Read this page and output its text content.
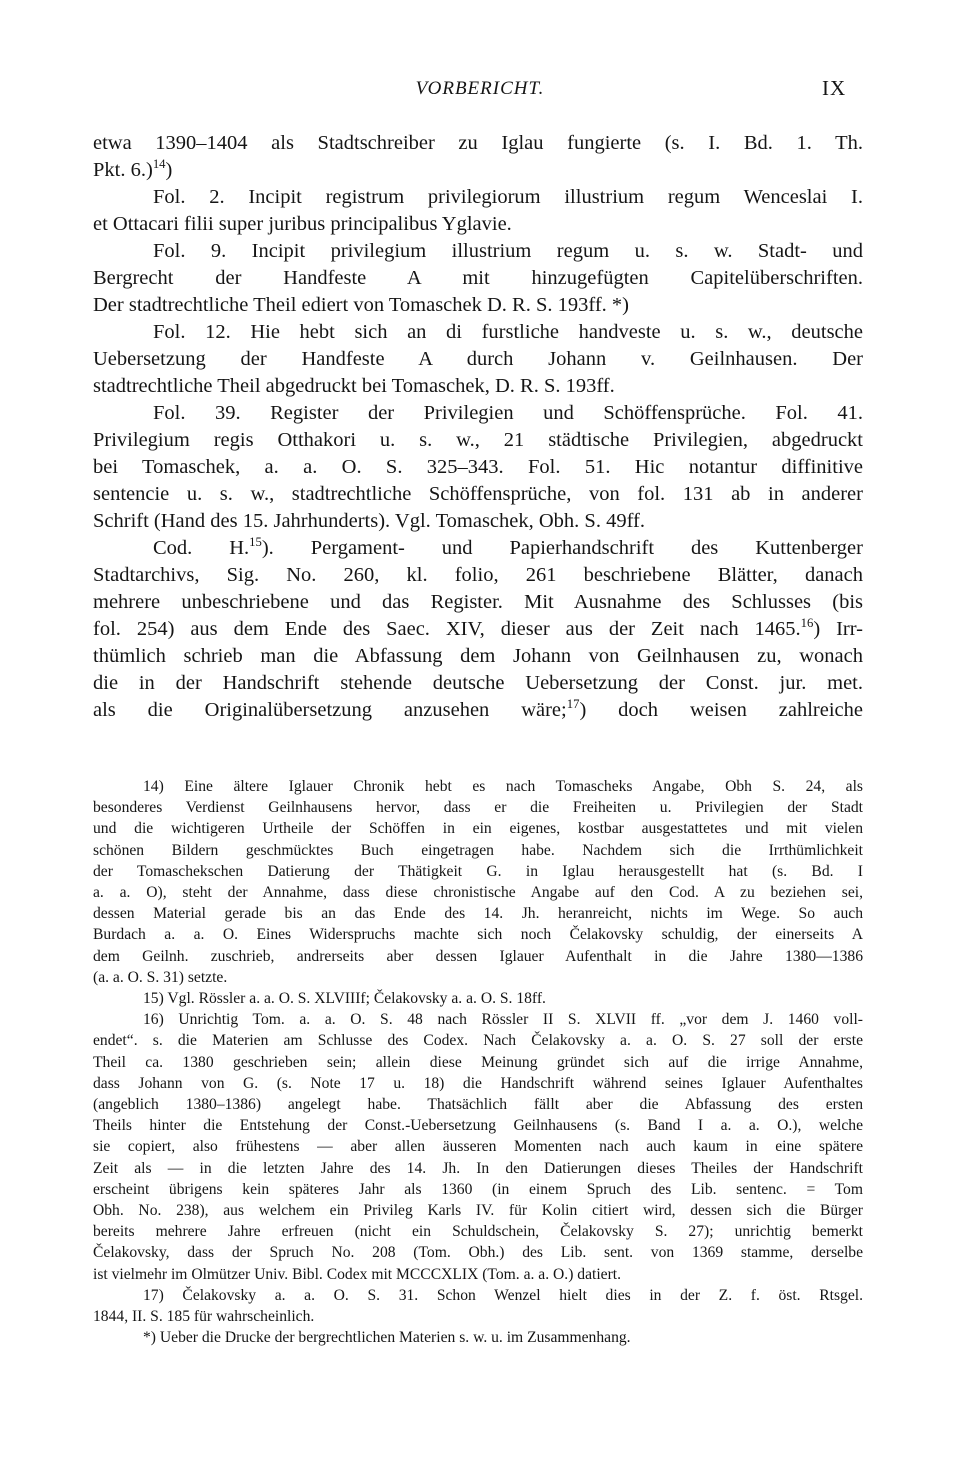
VORBERICHT.	IX
etwa 1390–1404 als Stadtschreiber zu Iglau fungierte (s. I. Bd. 1. Th.
Pkt. 6.)$^{14}$)
Fol. 2. Incipit registrum privilegiorum illustrium regum Wenceslai I.
et Ottacari filii super juribus principalibus Yglavie.
Fol. 9. Incipit privilegium illustrium regum u. s. w. Stadt- und
Bergrecht der Handfeste A mit hinzugefügten Capitelüberschriften.
Der stadtrechtliche Theil ediert von Tomaschek D. R. S. 193ff. *)
Fol. 12. Hie hebt sich an di furstliche handveste u. s. w., deutsche
Uebersetzung der Handfeste A durch Johann v. Geilnhausen. Der
stadtrechtliche Theil abgedruckt bei Tomaschek, D. R. S. 193ff.
Fol. 39. Register der Privilegien und Schöffensprüche. Fol. 41.
Privilegium regis Otthakori u. s. w., 21 städtische Privilegien, abgedruckt
bei Tomaschek, a. a. O. S. 325–343. Fol. 51. Hic notantur diffinitive
sentencie u. s. w., stadtrechtliche Schöffensprüche, von fol. 131 ab in anderer
Schrift (Hand des 15. Jahrhunderts). Vgl. Tomaschek, Obh. S. 49ff.
Cod. H.$^{15}$). Pergament- und Papierhandschrift des Kuttenberger
Stadtarchivs, Sig. No. 260, kl. folio, 261 beschriebene Blätter, danach
mehrere unbeschriebene und das Register. Mit Ausnahme des Schlusses (bis
fol. 254) aus dem Ende des Saec. XIV, dieser aus der Zeit nach 1465.16) Irr-
thümlich schrieb man die Abfassung dem Johann von Geilnhausen zu, wonach
die in der Handschrift stehende deutsche Uebersetzung der Const. jur. met.
als die Originalübersetzung anzusehen wäre;$^{17}$) doch weisen zahlreiche
14) Eine ältere Iglauer Chronik hebt es nach Tomascheks Angabe, Obh S. 24, als
besonderes Verdienst Geilnhausens hervor, dass er die Freiheiten u. Privilegien der Stadt
und die wichtigeren Urtheile der Schöffen in ein eigenes, kostbar ausgestattetes und mit vielen
schönen Bildern geschmücktes Buch eingetragen habe. Nachdem sich die Irrthümlichkeit
der Tomaschekschen Datierung der Thätigkeit G. in Iglau herausgestellt hat (s. Bd. I
a. a. O), steht der Annahme, dass diese chronistische Angabe auf den Cod. A zu beziehen sei,
dessen Material gerade bis an das Ende des 14. Jh. heranreicht, nichts im Wege. So auch
Burdach a. a. O. Eines Widerspruchs machte sich noch Čelakovsky schuldig, der einerseits A
dem Geilnh. zuschrieb, andrerseits aber dessen Iglauer Aufenthalt in die Jahre 1380—1386
(a. a. O. S. 31) setzte.
15) Vgl. Rössler a. a. O. S. XLVIIIf; Čelakovsky a. a. O. S. 18ff.
16) Unrichtig Tom. a. a. O. S. 48 nach Rössler II S. XLVII ff. „vor dem J. 1460 voll-
endet“. s. die Materien am Schlusse des Codex. Nach Čelakovsky a. a. O. S. 27 soll der erste
Theil ca. 1380 geschrieben sein; allein diese Meinung gründet sich auf die irrige Annahme,
dass Johann von G. (s. Note 17 u. 18) die Handschrift während seines Iglauer Aufenthaltes
(angeblich 1380–1386) angelegt habe. Thatsächlich fällt aber die Abfassung des ersten
Theils hinter die Entstehung der Const.-Uebersetzung Geilnhausens (s. Band I a. a. O.), welche
sie copiert, also frühestens — aber allen äusseren Momenten nach auch kaum in eine spätere
Zeit als — in die letzten Jahre des 14. Jh. In den Datierungen dieses Theiles der Handschrift
erscheint übrigens kein späteres Jahr als 1360 (in einem Spruch des Lib. sentenc. = Tom
Obh. No. 238), aus welchem ein Privileg Karls IV. für Kolin citiert wird, dessen sich die Bürger
bereits mehrere Jahre erfreuen (nicht ein Schuldschein, Čelakovsky S. 27); unrichtig bemerkt
Čelakovsky, dass der Spruch No. 208 (Tom. Obh.) des Lib. sent. von 1369 stamme, derselbe
ist vielmehr im Olmützer Univ. Bibl. Codex mit MCCCXLIX (Tom. a. a. O.) datiert.
17) Čelakovsky a. a. O. S. 31. Schon Wenzel hielt dies in der Z. f. öst. Rtsgel.
1844, II. S. 185 für wahrscheinlich.
*) Ueber die Drucke der bergrechtlichen Materien s. w. u. im Zusammenhang.
